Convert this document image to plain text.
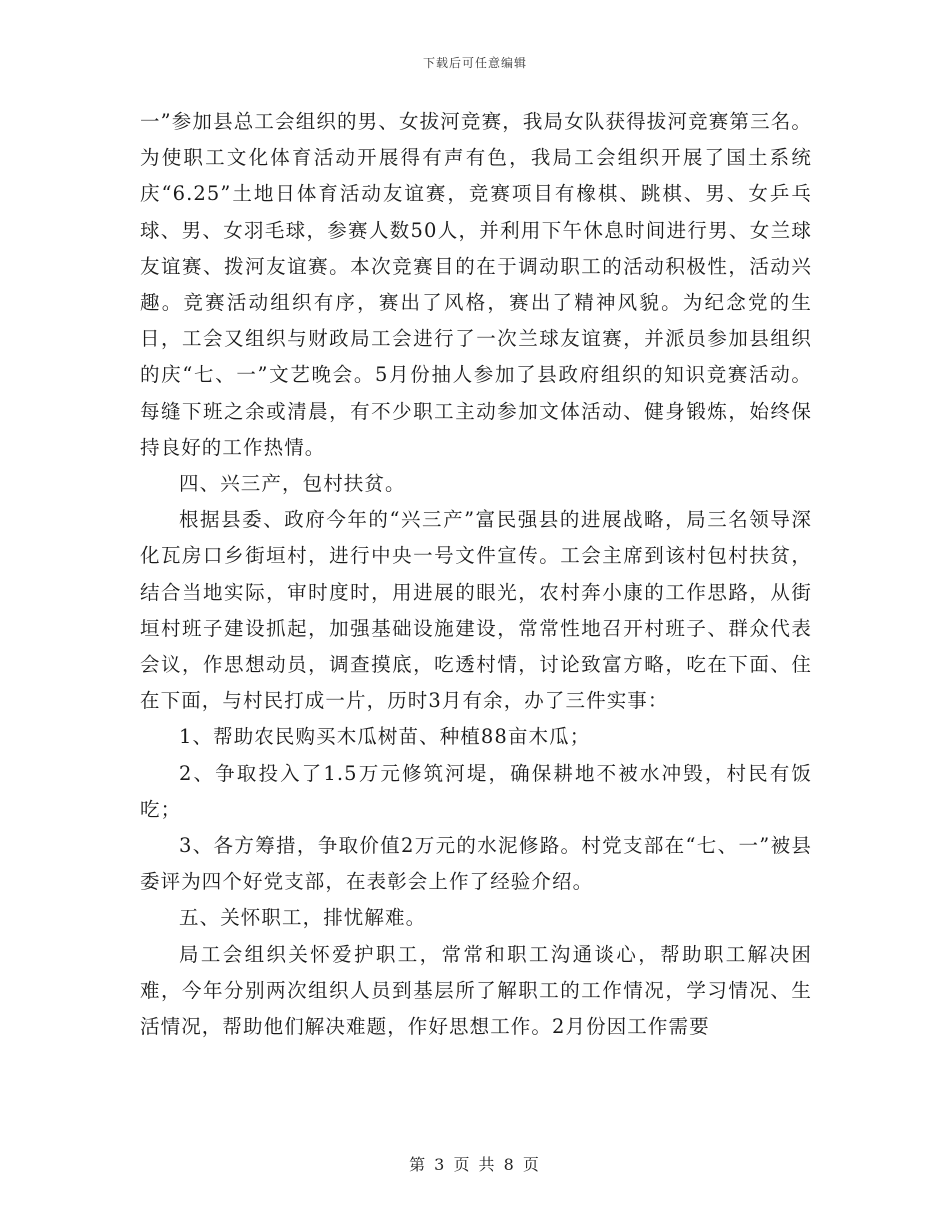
下载后可任意编辑

一”参加县总工会组织的男、女拔河竞赛，我局女队获得拔河竞赛第三名。为使职工文化体育活动开展得有声有色，我局工会组织开展了国土系统庆“6.25”土地日体育活动友谊赛，竞赛项目有橡棋、跳棋、男、女乒乓球、男、女羽毛球，参赛人数50人，并利用下午休息时间进行男、女兰球友谊赛、拨河友谊赛。本次竞赛目的在于调动职工的活动积极性，活动兴趣。竞赛活动组织有序，赛出了风格，赛出了精神风貌。为纪念党的生日，工会又组织与财政局工会进行了一次兰球友谊赛，并派员参加县组织的庆“七、一”文艺晚会。5月份抽人参加了县政府组织的知识竞赛活动。每缝下班之余或清晨，有不少职工主动参加文体活动、健身锻炼，始终保持良好的工作热情。

四、兴三产，包村扶贫。

根据县委、政府今年的“兴三产”富民强县的进展战略，局三名领导深化瓦房口乡街垣村，进行中央一号文件宣传。工会主席到该村包村扶贫，结合当地实际，审时度时，用进展的眼光，农村奔小康的工作思路，从街垣村班子建设抓起，加强基础设施建设，常常性地召开村班子、群众代表会议，作思想动员，调查摸底，吃透村情，讨论致富方略，吃在下面、住在下面，与村民打成一片，历时3月有余，办了三件实事：

1、帮助农民购买木瓜树苗、种植88亩木瓜；

2、争取投入了1.5万元修筑河堤，确保耕地不被水冲毁，村民有饭吃；

3、各方筹措，争取价值2万元的水泥修路。村党支部在“七、一”被县委评为四个好党支部，在表彰会上作了经验介绍。

五、关怀职工，排忧解难。

局工会组织关怀爱护职工，常常和职工沟通谈心，帮助职工解决困难，今年分别两次组织人员到基层所了解职工的工作情况，学习情况、生活情况，帮助他们解决难题，作好思想工作。2月份因工作需要

第 3 页 共 8 页
